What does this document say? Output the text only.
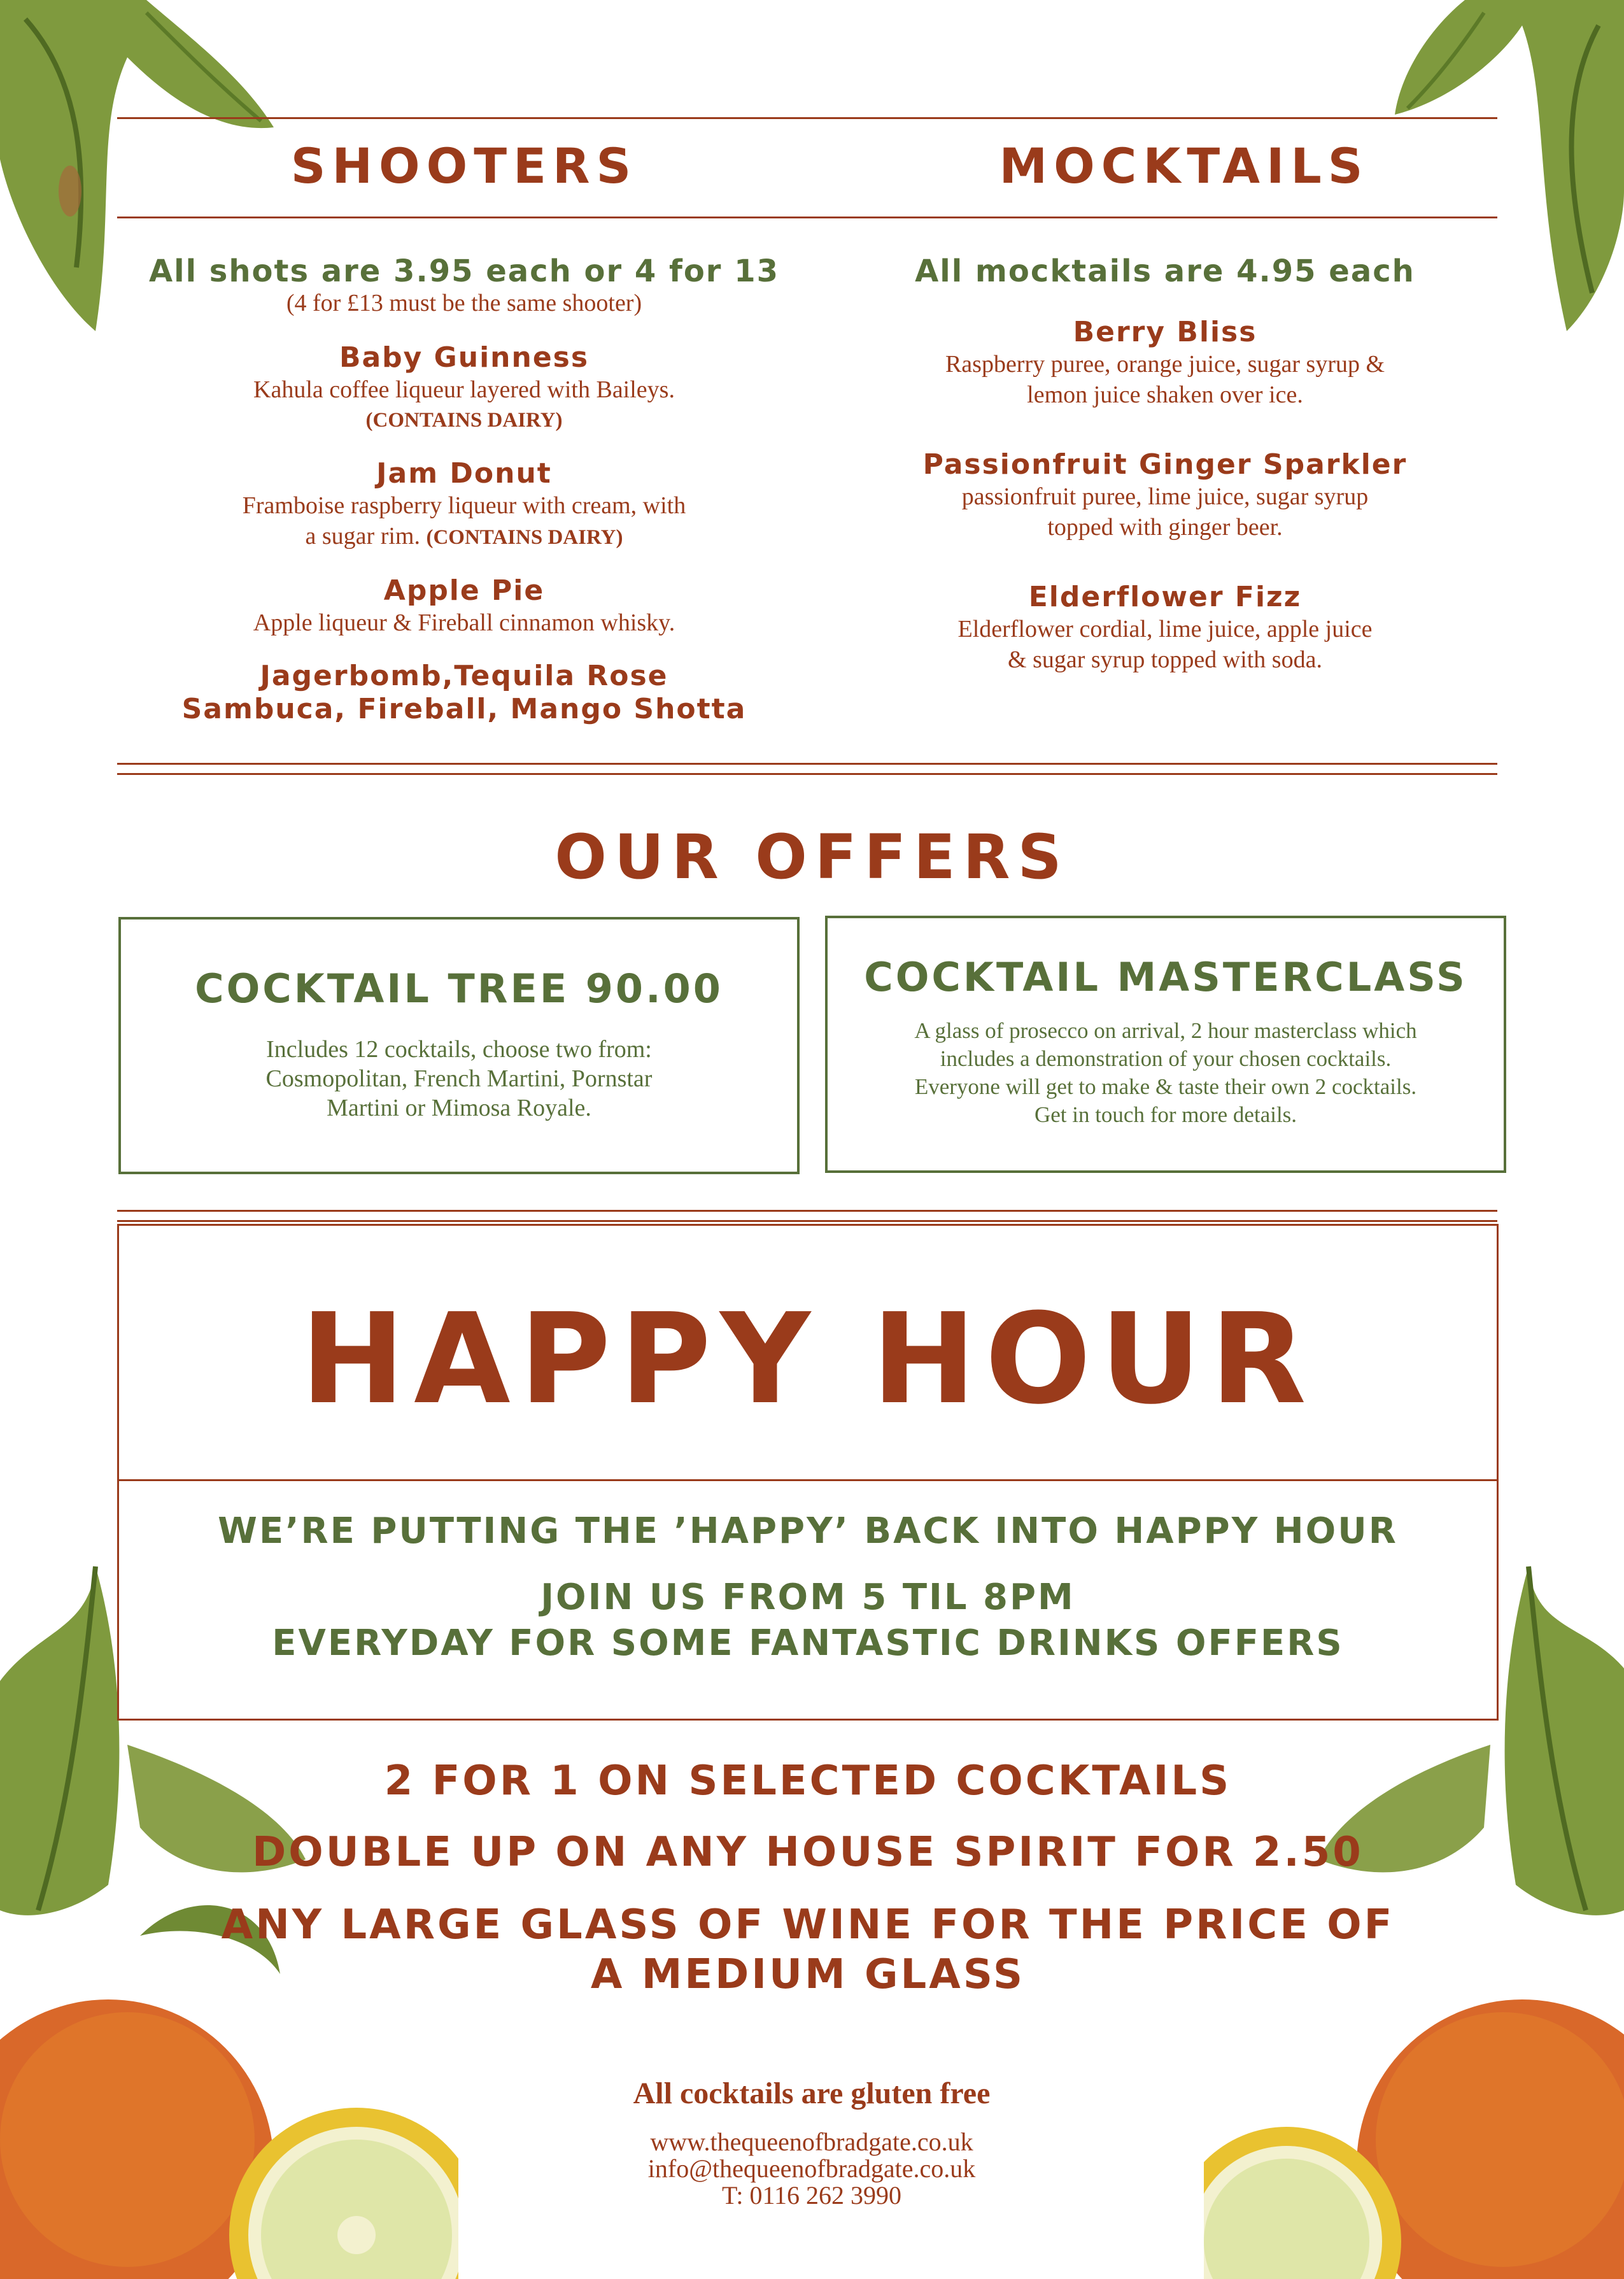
SHOOTERS

All shots are 3.95 each or 4 for 13

(4 for £13 must be the same shooter)

Baby Guinness

Kahula coffee liqueur layered with Baileys.

(CONTAINS DAIRY)

Jam Donut

Framboise raspberry liqueur with cream, with

a sugar rim. (CONTAINS DAIRY)

Apple Pie

Apple liqueur & Fireball cinnamon whisky.

Jagerbomb,Tequila Rose

Sambuca, Fireball, Mango Shotta

MOCKTAILS

All mocktails are 4.95 each

Berry Bliss

Raspberry puree, orange juice, sugar syrup &

lemon juice shaken over ice.

Passionfruit Ginger Sparkler

passionfruit puree, lime juice, sugar syrup

topped with ginger beer.

Elderflower Fizz

Elderflower cordial, lime juice, apple juice

& sugar syrup topped with soda.

OUR OFFERS

COCKTAIL TREE 90.00

Includes 12 cocktails, choose two from:

Cosmopolitan, French Martini, Pornstar

Martini or Mimosa Royale.

COCKTAIL MASTERCLASS

A glass of prosecco on arrival, 2 hour masterclass which

includes a demonstration of your chosen cocktails.

Everyone will get to make & taste their own 2 cocktails.

Get in touch for more details.

HAPPY HOUR

WE’RE PUTTING THE ’HAPPY’ BACK INTO HAPPY HOUR

JOIN US FROM 5 TIL 8PM

EVERYDAY FOR SOME FANTASTIC DRINKS OFFERS

2 FOR 1 ON SELECTED COCKTAILS

DOUBLE UP ON ANY HOUSE SPIRIT FOR 2.50

ANY LARGE GLASS OF WINE FOR THE PRICE OF

A MEDIUM GLASS

All cocktails are gluten free

www.thequeenofbradgate.co.uk
info@thequeenofbradgate.co.uk

T: 0116 262 3990
